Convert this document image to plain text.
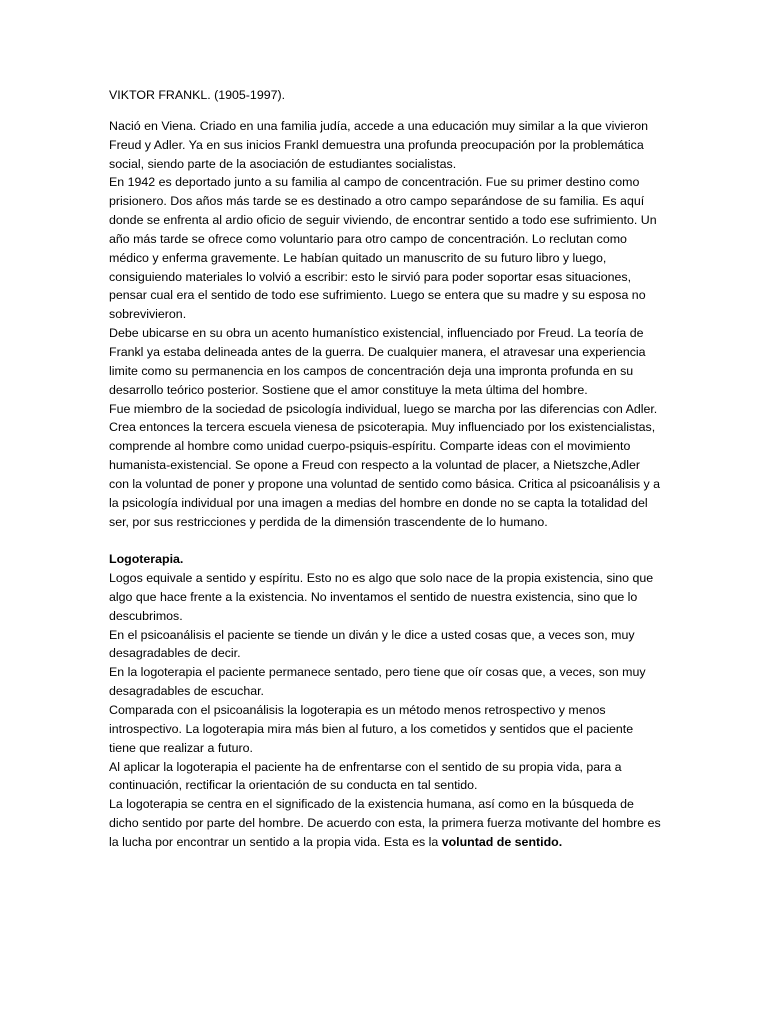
VIKTOR FRANKL. (1905-1997).

Nació en Viena. Criado en una familia judía, accede a una educación muy similar a la que vivieron Freud y Adler. Ya en sus inicios Frankl demuestra una profunda preocupación por la problemática social, siendo parte de la asociación de estudiantes socialistas.

En 1942 es deportado junto a su familia al campo de concentración. Fue su primer destino como prisionero. Dos años más tarde se es destinado a otro campo separándose de su familia. Es aquí donde se enfrenta al ardio oficio de seguir viviendo, de encontrar sentido a todo ese sufrimiento. Un año más tarde se ofrece como voluntario para otro campo de concentración. Lo reclutan como médico y enferma gravemente. Le habían quitado un manuscrito de su futuro libro y luego, consiguiendo materiales lo volvió a escribir: esto le sirvió para poder soportar esas situaciones, pensar cual era el sentido de todo ese sufrimiento. Luego se entera que su madre y su esposa no sobrevivieron.

Debe ubicarse en su obra un acento humanístico existencial, influenciado por Freud. La teoría de Frankl ya estaba delineada antes de la guerra. De cualquier manera, el atravesar una experiencia limite como su permanencia en los campos de concentración deja una impronta profunda en su desarrollo teórico posterior. Sostiene que el amor constituye la meta última del hombre.

Fue miembro de la sociedad de psicología individual, luego se marcha por las diferencias con Adler.

Crea entonces la tercera escuela vienesa de psicoterapia. Muy influenciado por los existencialistas, comprende al hombre como unidad cuerpo-psiquis-espíritu. Comparte ideas con el movimiento humanista-existencial. Se opone a Freud con respecto a la voluntad de placer, a Nietszche,Adler con la voluntad de poner y propone una voluntad de sentido como básica. Critica al psicoanálisis y a la psicología individual por una imagen a medias del hombre en donde no se capta la totalidad del ser, por sus restricciones y perdida de la dimensión trascendente de lo humano.

Logoterapia.

Logos equivale a sentido y espíritu. Esto no es algo que solo nace de la propia existencia, sino que algo que hace frente a la existencia. No inventamos el sentido de nuestra existencia, sino que lo descubrimos.

En el psicoanálisis el paciente se tiende un diván y le dice a usted cosas que, a veces son, muy desagradables de decir.

En la logoterapia el paciente permanece sentado, pero tiene que oír cosas que, a veces, son muy desagradables de escuchar.

Comparada con el psicoanálisis la logoterapia es un método menos retrospectivo y menos introspectivo. La logoterapia mira más bien al futuro, a los cometidos y sentidos que el paciente tiene que realizar a futuro.

Al aplicar la logoterapia el paciente ha de enfrentarse con el sentido de su propia vida, para a continuación, rectificar la orientación de su conducta en tal sentido.

La logoterapia se centra en el significado de la existencia humana, así como en la búsqueda de dicho sentido por parte del hombre. De acuerdo con esta, la primera fuerza motivante del hombre es la lucha por encontrar un sentido a la propia vida. Esta es la voluntad de sentido.
